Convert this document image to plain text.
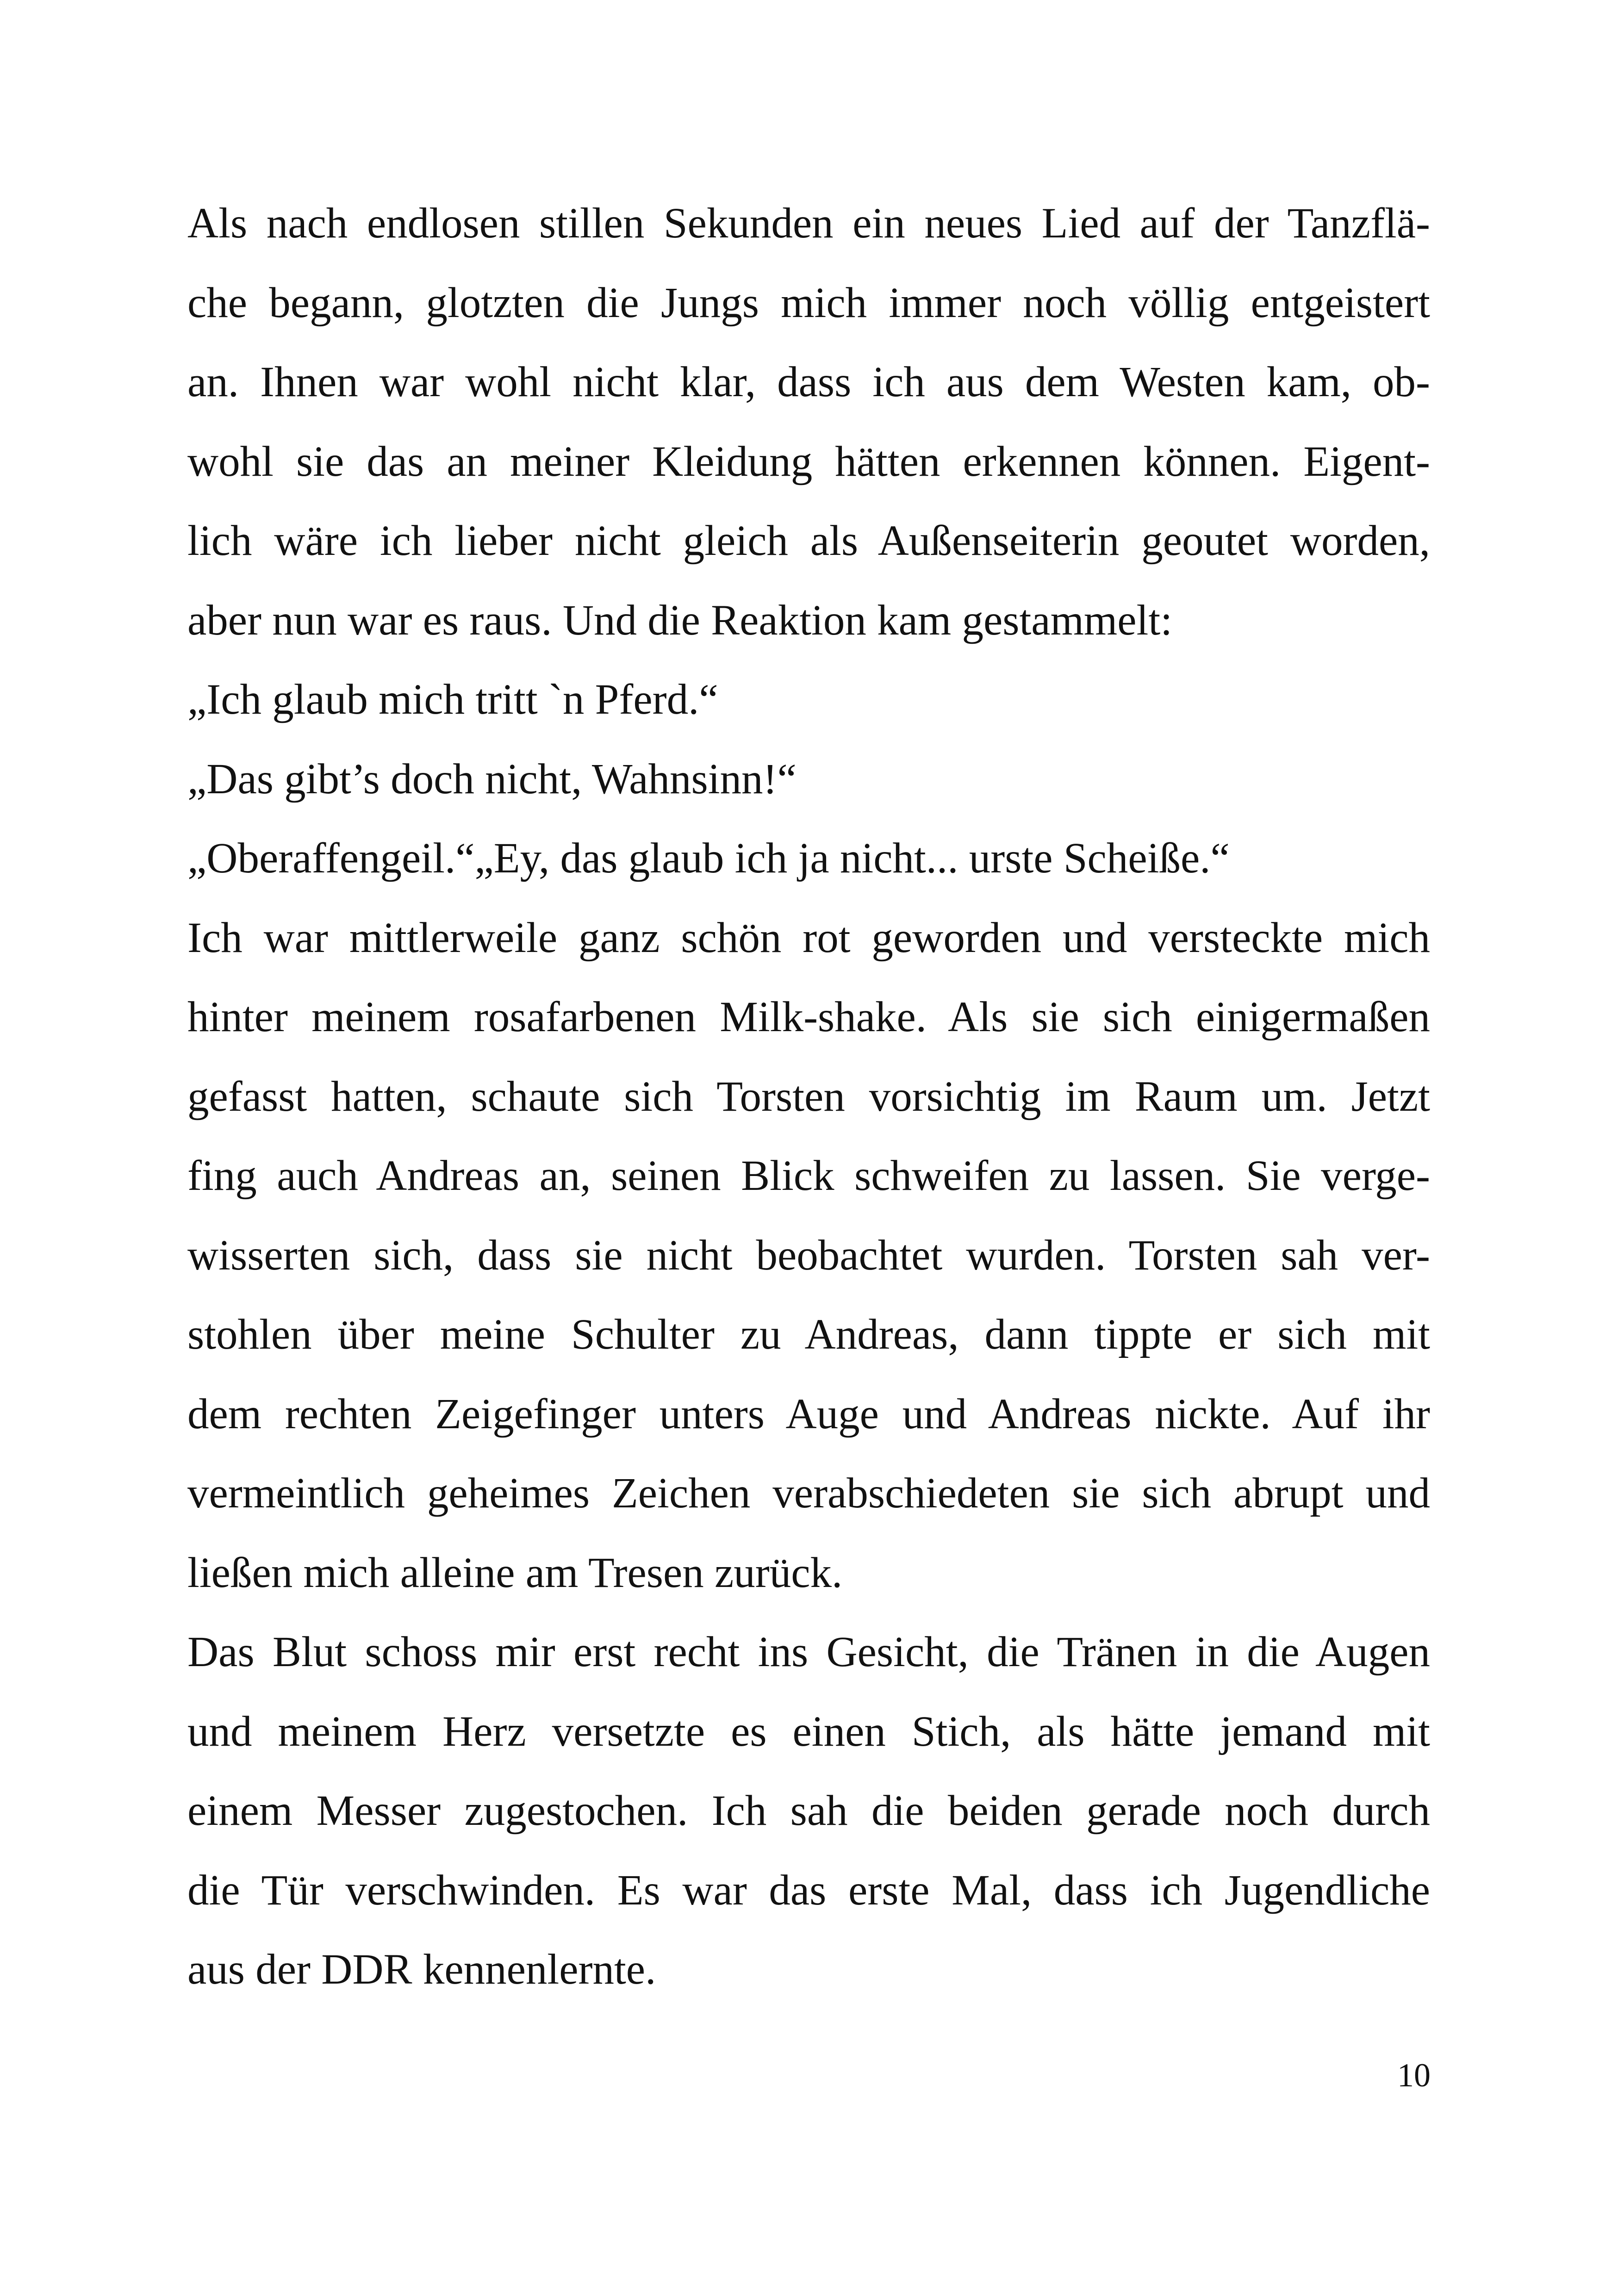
Als nach endlosen stillen Sekunden ein neues Lied auf der Tanzflä-
che begann, glotzten die Jungs mich immer noch völlig entgeistert
an. Ihnen war wohl nicht klar, dass ich aus dem Westen kam, ob-
wohl sie das an meiner Kleidung hätten erkennen können. Eigent-
lich wäre ich lieber nicht gleich als Außenseiterin geoutet worden,
aber nun war es raus. Und die Reaktion kam gestammelt:
„Ich glaub mich tritt `n Pferd.“
„Das gibt’s doch nicht, Wahnsinn!“
„Oberaffengeil.“„Ey, das glaub ich ja nicht... urste Scheiße.“
Ich war mittlerweile ganz schön rot geworden und versteckte mich
hinter meinem rosafarbenen Milk-shake. Als sie sich einigermaßen
gefasst hatten, schaute sich Torsten vorsichtig im Raum um. Jetzt
fing auch Andreas an, seinen Blick schweifen zu lassen. Sie verge-
wisserten sich, dass sie nicht beobachtet wurden. Torsten sah ver-
stohlen über meine Schulter zu Andreas, dann tippte er sich mit
dem rechten Zeigefinger unters Auge und Andreas nickte. Auf ihr
vermeintlich geheimes Zeichen verabschiedeten sie sich abrupt und
ließen mich alleine am Tresen zurück.
Das Blut schoss mir erst recht ins Gesicht, die Tränen in die Augen
und meinem Herz versetzte es einen Stich, als hätte jemand mit
einem Messer zugestochen. Ich sah die beiden gerade noch durch
die Tür verschwinden. Es war das erste Mal, dass ich Jugendliche
aus der DDR kennenlernte.
10
